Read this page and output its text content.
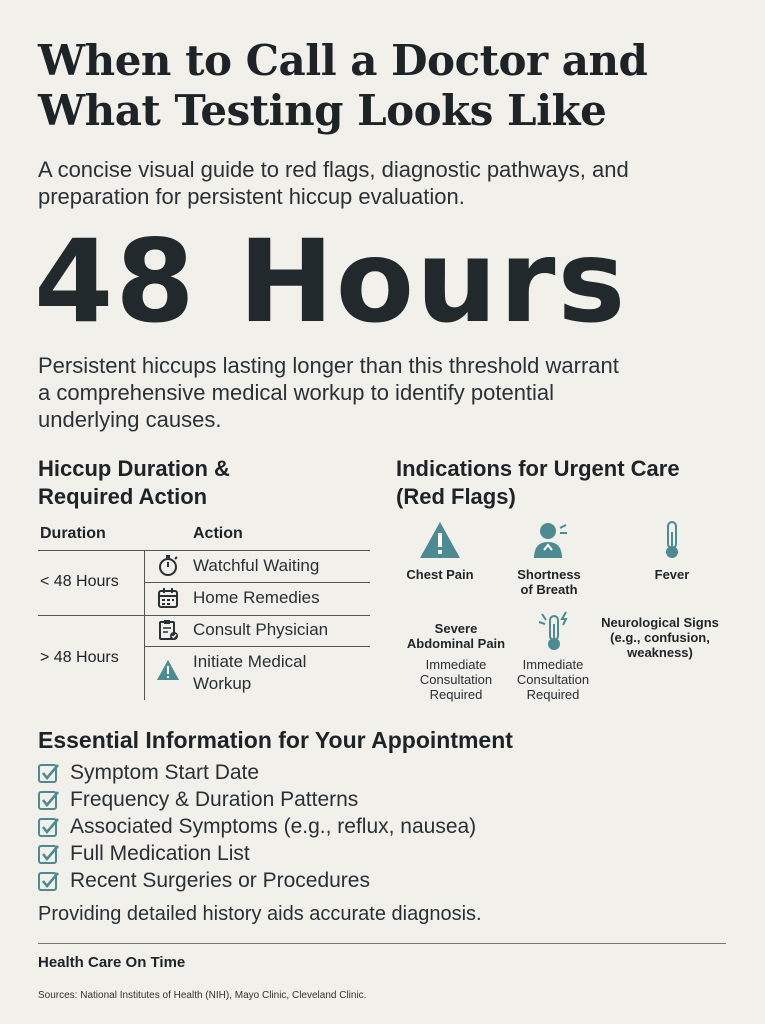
When to Call a Doctor and
What Testing Looks Like
A concise visual guide to red flags, diagnostic pathways, and
preparation for persistent hiccup evaluation.
48 Hours
Persistent hiccups lasting longer than this threshold warrant
a comprehensive medical workup to identify potential
underlying causes.
Hiccup Duration &
Required Action
Duration	Action
< 48 Hours
Watchful Waiting
Home Remedies
> 48 Hours
Consult Physician
Initiate Medical
Workup
Indications for Urgent Care
(Red Flags)
Chest Pain	Shortness
of Breath
Fever
Severe
Abdominal Pain
Neurological Signs
(e.g., confusion,
weakness)
Immediate
Consultation
Required
Immediate
Consultation
Required
Essential Information for Your Appointment
Symptom Start Date
Frequency & Duration Patterns
Associated Symptoms (e.g., reflux, nausea)
Full Medication List
Recent Surgeries or Procedures
Providing detailed history aids accurate diagnosis.
Health Care On Time
Sources: National Institutes of Health (NIH), Mayo Clinic, Cleveland Clinic.
